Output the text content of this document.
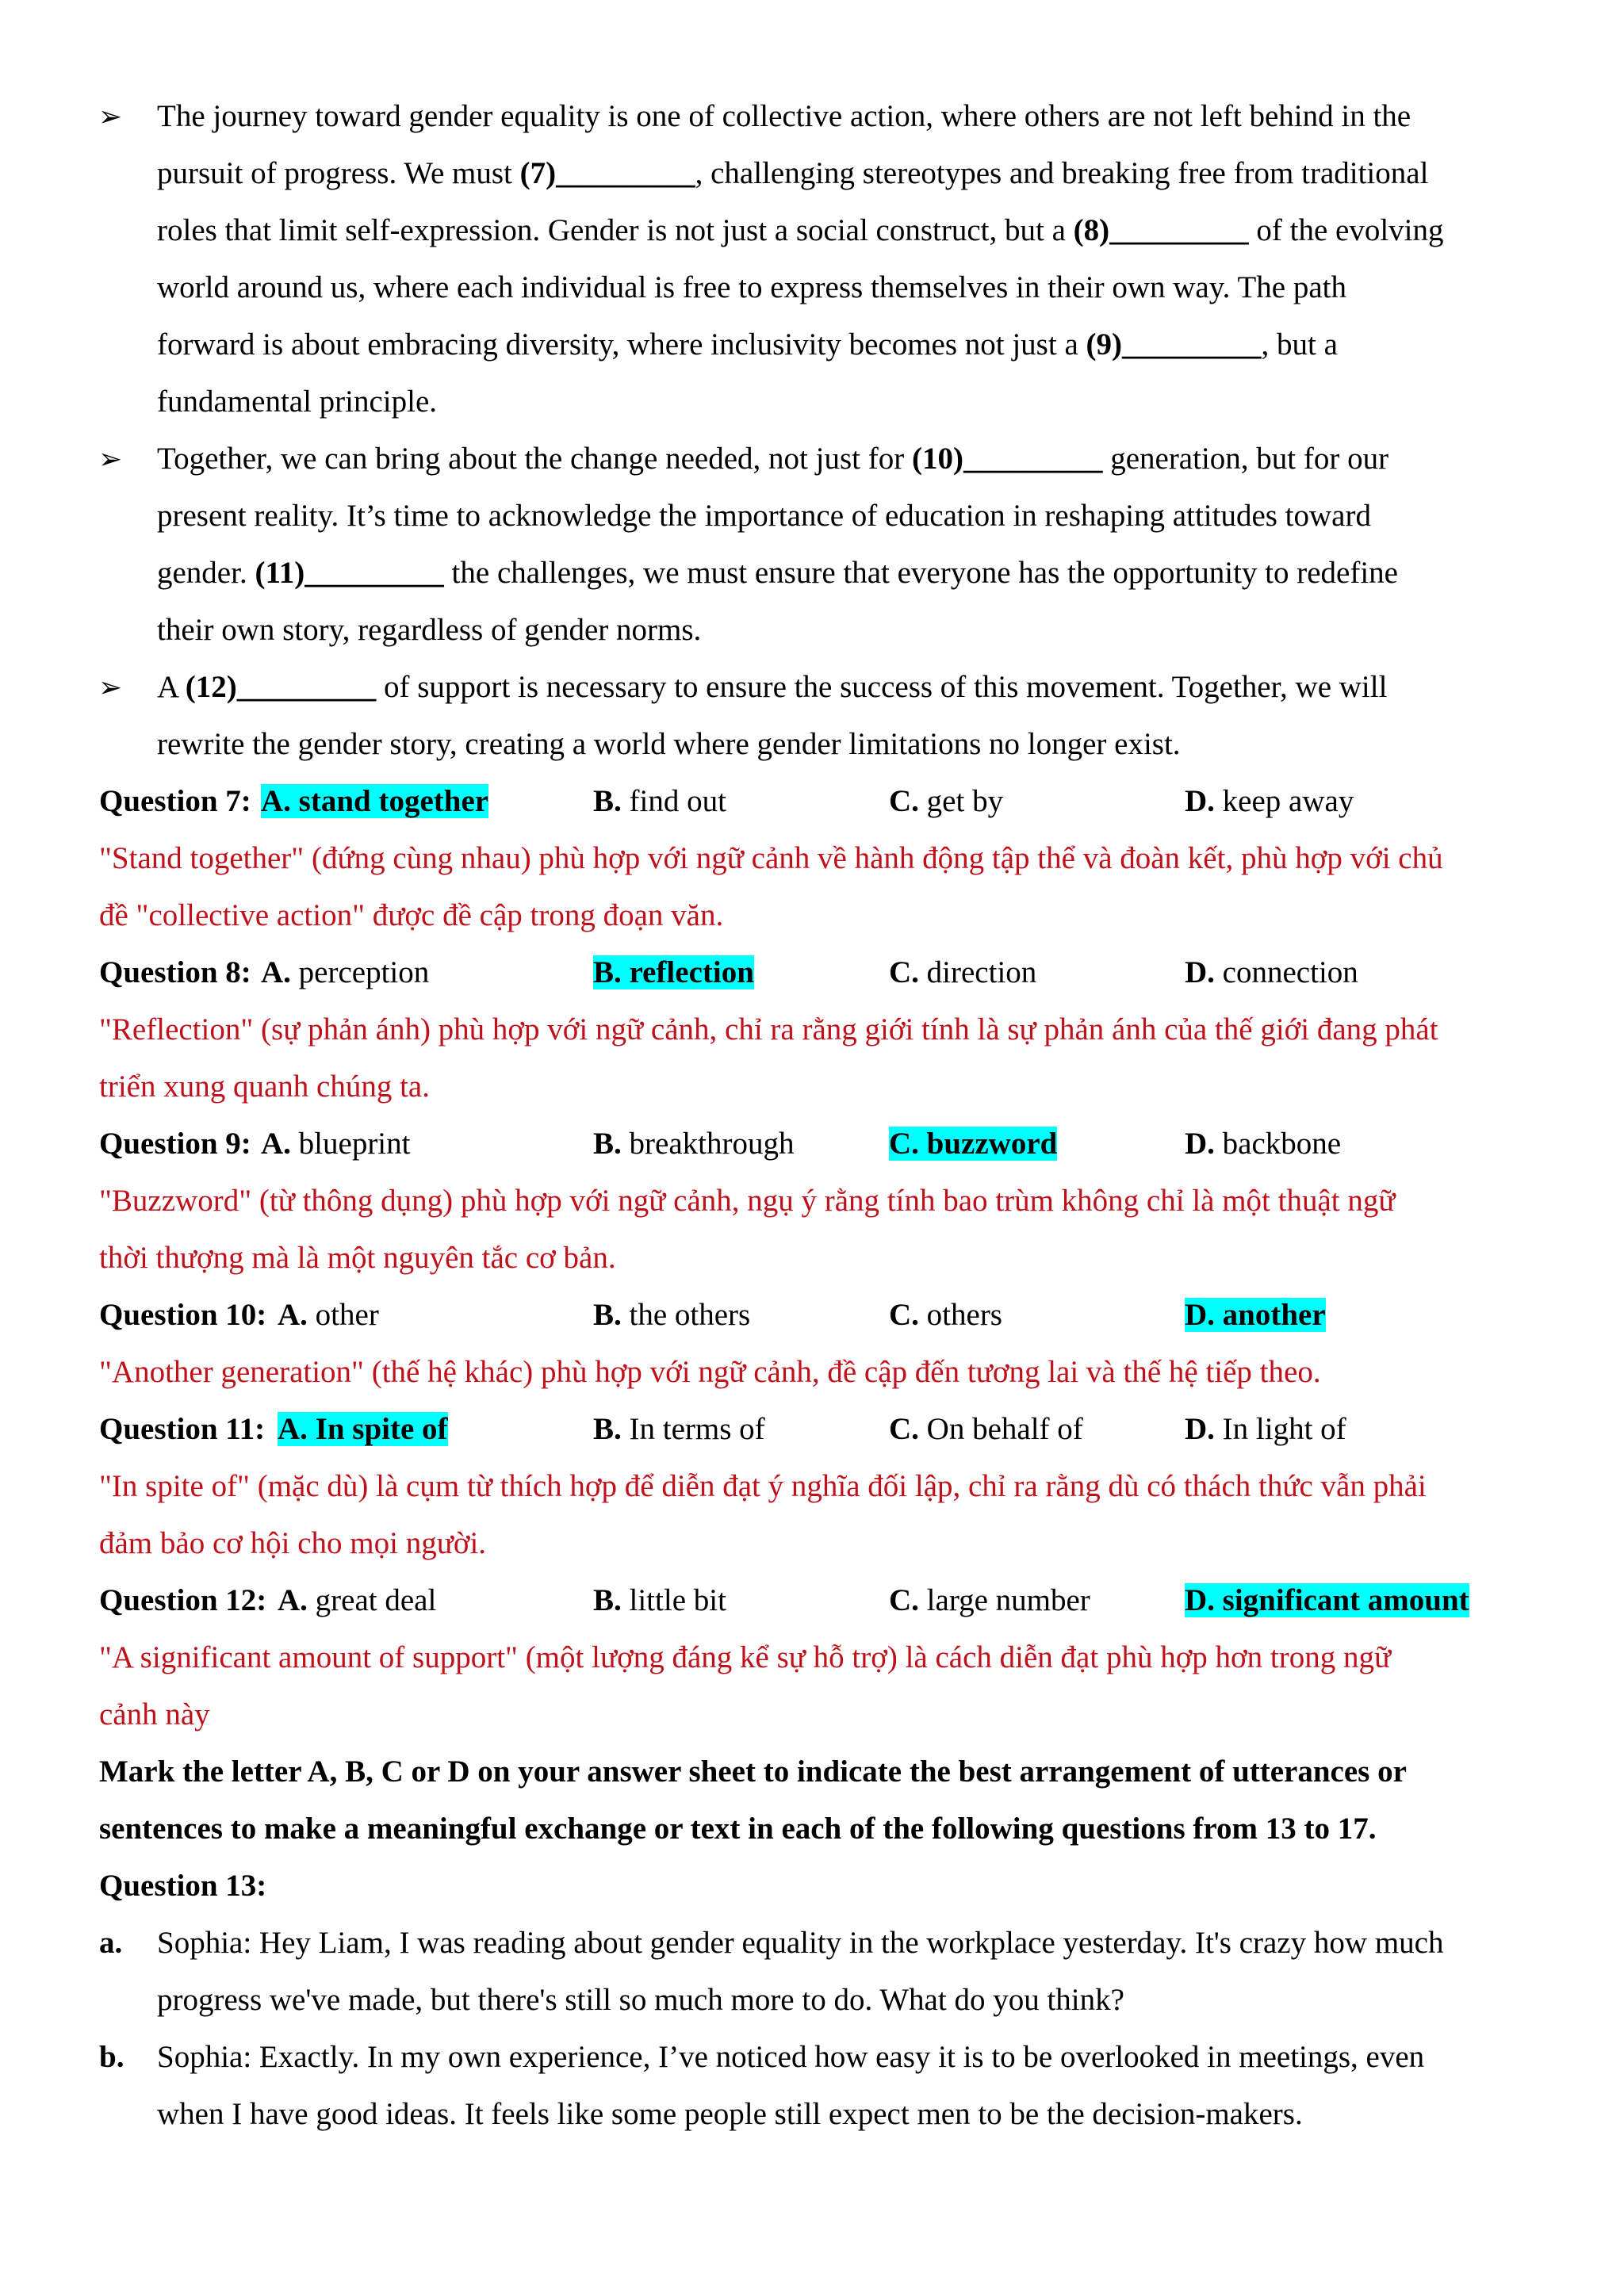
➢ The journey toward gender equality is one of collective action, where others are not left behind in the
pursuit of progress. We must (7)_________, challenging stereotypes and breaking free from traditional
roles that limit self-expression. Gender is not just a social construct, but a (8)_________ of the evolving
world around us, where each individual is free to express themselves in their own way. The path
forward is about embracing diversity, where inclusivity becomes not just a (9)_________, but a
fundamental principle.
➢ Together, we can bring about the change needed, not just for (10)_________ generation, but for our
present reality. It’s time to acknowledge the importance of education in reshaping attitudes toward
gender. (11)_________ the challenges, we must ensure that everyone has the opportunity to redefine
their own story, regardless of gender norms.
➢ A (12)_________ of support is necessary to ensure the success of this movement. Together, we will
rewrite the gender story, creating a world where gender limitations no longer exist.
Question 7: A. stand together	B. find out	C. get by	D. keep away
"Stand together" (đứng cùng nhau) phù hợp với ngữ cảnh về hành động tập thể và đoàn kết, phù hợp với chủ
đề "collective action" được đề cập trong đoạn văn.
Question 8: A. perception	B. reflection	C. direction	D. connection
"Reflection" (sự phản ánh) phù hợp với ngữ cảnh, chỉ ra rằng giới tính là sự phản ánh của thế giới đang phát
triển xung quanh chúng ta.
Question 9: A. blueprint	B. breakthrough	C. buzzword	D. backbone
"Buzzword" (từ thông dụng) phù hợp với ngữ cảnh, ngụ ý rằng tính bao trùm không chỉ là một thuật ngữ
thời thượng mà là một nguyên tắc cơ bản.
Question 10: A. other	B. the others	C. others	D. another
"Another generation" (thế hệ khác) phù hợp với ngữ cảnh, đề cập đến tương lai và thế hệ tiếp theo.
Question 11: A. In spite of	B. In terms of	C. On behalf of	D. In light of
"In spite of" (mặc dù) là cụm từ thích hợp để diễn đạt ý nghĩa đối lập, chỉ ra rằng dù có thách thức vẫn phải
đảm bảo cơ hội cho mọi người.
Question 12: A. great deal	B. little bit	C. large number	D. significant amount
"A significant amount of support" (một lượng đáng kể sự hỗ trợ) là cách diễn đạt phù hợp hơn trong ngữ
cảnh này
Mark the letter A, B, C or D on your answer sheet to indicate the best arrangement of utterances or
sentences to make a meaningful exchange or text in each of the following questions from 13 to 17.
Question 13:
a. Sophia: Hey Liam, I was reading about gender equality in the workplace yesterday. It's crazy how much
progress we've made, but there's still so much more to do. What do you think?
b. Sophia: Exactly. In my own experience, I’ve noticed how easy it is to be overlooked in meetings, even
when I have good ideas. It feels like some people still expect men to be the decision-makers.
